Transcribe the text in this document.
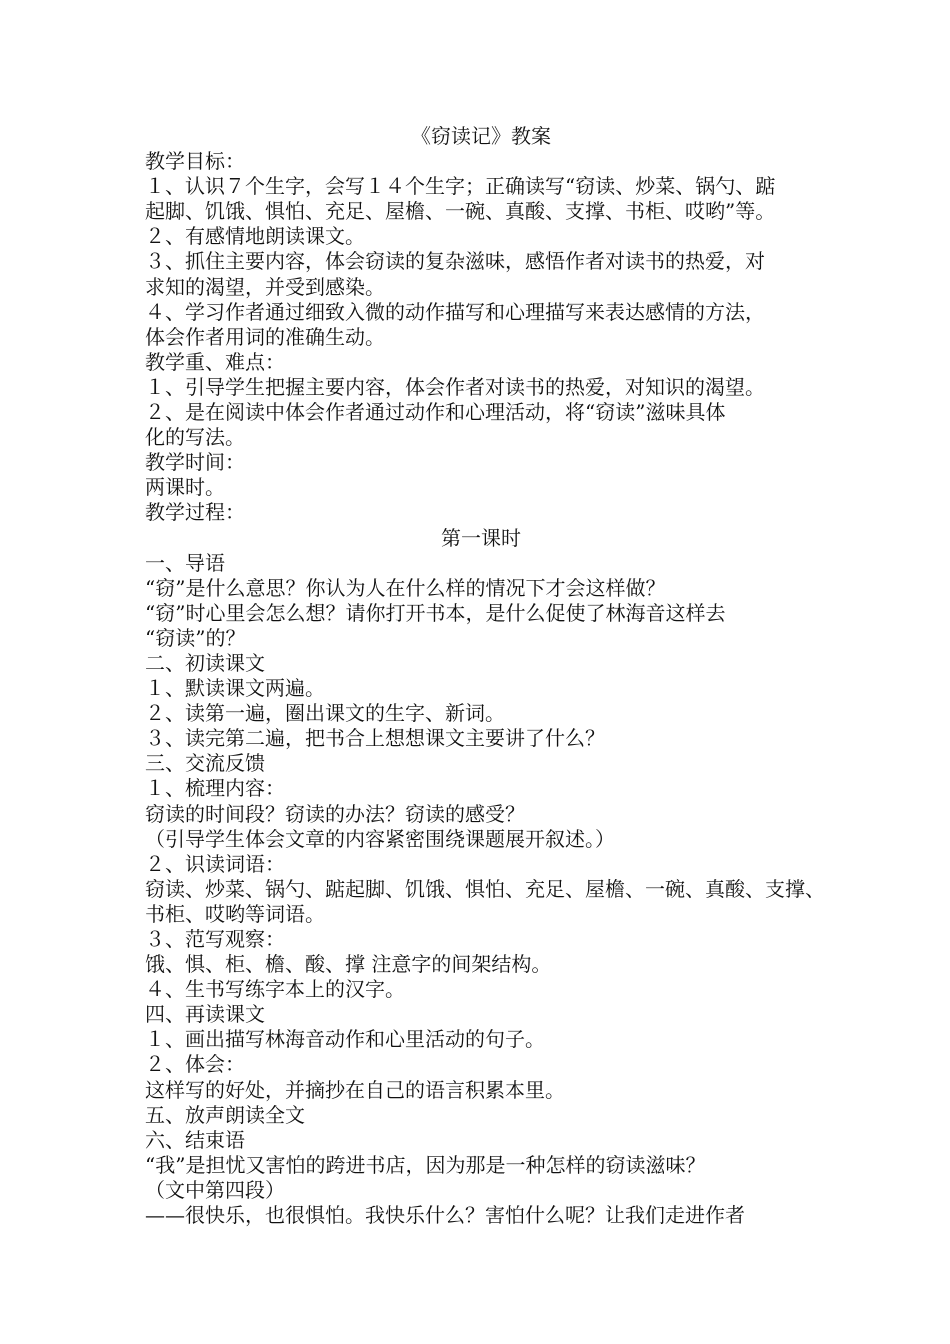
《窃读记》教案
教学目标：
１、认识７个生字，会写１４个生字；正确读写“窃读、炒菜、锅勺、踮
起脚、饥饿、惧怕、充足、屋檐、一碗、真酸、支撑、书柜、哎哟”等。
２、有感情地朗读课文。
３、抓住主要内容，体会窃读的复杂滋味，感悟作者对读书的热爱，对
求知的渴望，并受到感染。
４、学习作者通过细致入微的动作描写和心理描写来表达感情的方法，
体会作者用词的准确生动。
教学重、难点：
１、引导学生把握主要内容，体会作者对读书的热爱，对知识的渴望。
２、是在阅读中体会作者通过动作和心理活动，将“窃读”滋味具体
化的写法。
教学时间：
两课时。
教学过程：
第一课时
一、导语
“窃”是什么意思？你认为人在什么样的情况下才会这样做？
“窃”时心里会怎么想？请你打开书本，是什么促使了林海音这样去
“窃读”的？
二、初读课文
１、默读课文两遍。
２、读第一遍，圈出课文的生字、新词。
３、读完第二遍，把书合上想想课文主要讲了什么？
三、交流反馈
１、梳理内容：
窃读的时间段？窃读的办法？窃读的感受？
（引导学生体会文章的内容紧密围绕课题展开叙述。）
２、识读词语：
窃读、炒菜、锅勺、踮起脚、饥饿、惧怕、充足、屋檐、一碗、真酸、支撑、
书柜、哎哟等词语。
３、范写观察：
饿、惧、柜、檐、酸、撑 注意字的间架结构。
４、生书写练字本上的汉字。
四、再读课文
１、画出描写林海音动作和心里活动的句子。
２、体会：
这样写的好处，并摘抄在自己的语言积累本里。
五、放声朗读全文
六、结束语
“我”是担忧又害怕的跨进书店，因为那是一种怎样的窃读滋味？
（文中第四段）
——很快乐，也很惧怕。我快乐什么？害怕什么呢？让我们走进作者
